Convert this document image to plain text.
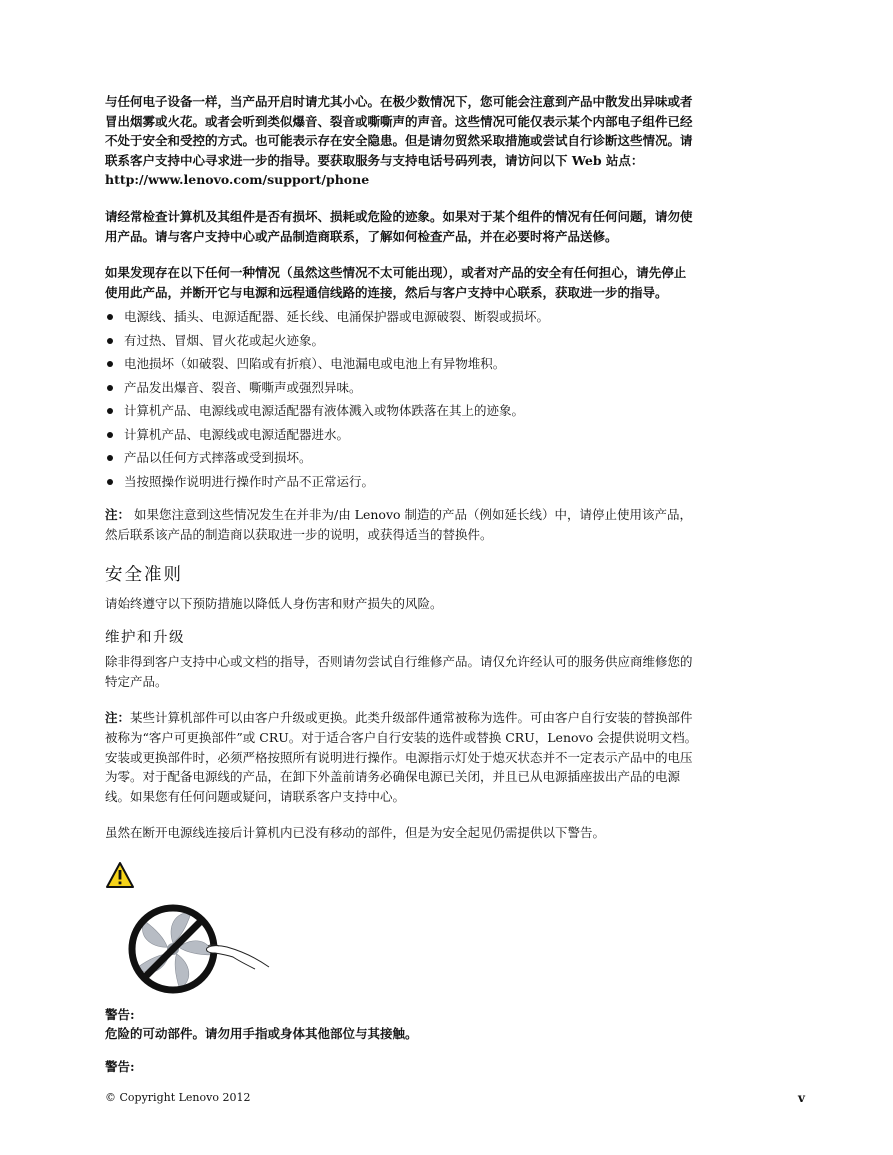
与任何电子设备一样，当产品开启时请尤其小心。在极少数情况下，您可能会注意到产品中散发出异味或者
冒出烟雾或火花。或者会听到类似爆音、裂音或嘶嘶声的声音。这些情况可能仅表示某个内部电子组件已经
不处于安全和受控的方式。也可能表示存在安全隐患。但是请勿贸然采取措施或尝试自行诊断这些情况。请
联系客户支持中心寻求进一步的指导。要获取服务与支持电话号码列表，请访问以下 Web 站点：
http://www.lenovo.com/support/phone

请经常检查计算机及其组件是否有损坏、损耗或危险的迹象。如果对于某个组件的情况有任何问题，请勿使
用产品。请与客户支持中心或产品制造商联系，了解如何检查产品，并在必要时将产品送修。

如果发现存在以下任何一种情况（虽然这些情况不太可能出现），或者对产品的安全有任何担心，请先停止
使用此产品，并断开它与电源和远程通信线路的连接，然后与客户支持中心联系，获取进一步的指导。

电源线、插头、电源适配器、延长线、电涌保护器或电源破裂、断裂或损坏。
有过热、冒烟、冒火花或起火迹象。
电池损坏（如破裂、凹陷或有折痕）、电池漏电或电池上有异物堆积。
产品发出爆音、裂音、嘶嘶声或强烈异味。
计算机产品、电源线或电源适配器有液体溅入或物体跌落在其上的迹象。
计算机产品、电源线或电源适配器进水。
产品以任何方式摔落或受到损坏。
当按照操作说明进行操作时产品不正常运行。

注： 如果您注意到这些情况发生在并非为/由 Lenovo 制造的产品（例如延长线）中，请停止使用该产品，
然后联系该产品的制造商以获取进一步的说明，或获得适当的替换件。

安全准则

请始终遵守以下预防措施以降低人身伤害和财产损失的风险。

维护和升级

除非得到客户支持中心或文档的指导，否则请勿尝试自行维修产品。请仅允许经认可的服务供应商维修您的
特定产品。

注：某些计算机部件可以由客户升级或更换。此类升级部件通常被称为选件。可由客户自行安装的替换部件
被称为“客户可更换部件”或 CRU。对于适合客户自行安装的选件或替换 CRU，Lenovo 会提供说明文档。
安装或更换部件时，必须严格按照所有说明进行操作。电源指示灯处于熄灭状态并不一定表示产品中的电压
为零。对于配备电源线的产品，在卸下外盖前请务必确保电源已关闭，并且已从电源插座拔出产品的电源
线。如果您有任何问题或疑问，请联系客户支持中心。

虽然在断开电源线连接后计算机内已没有移动的部件，但是为安全起见仍需提供以下警告。

警告:

危险的可动部件。请勿用手指或身体其他部位与其接触。

警告:

© Copyright Lenovo 2012	v
